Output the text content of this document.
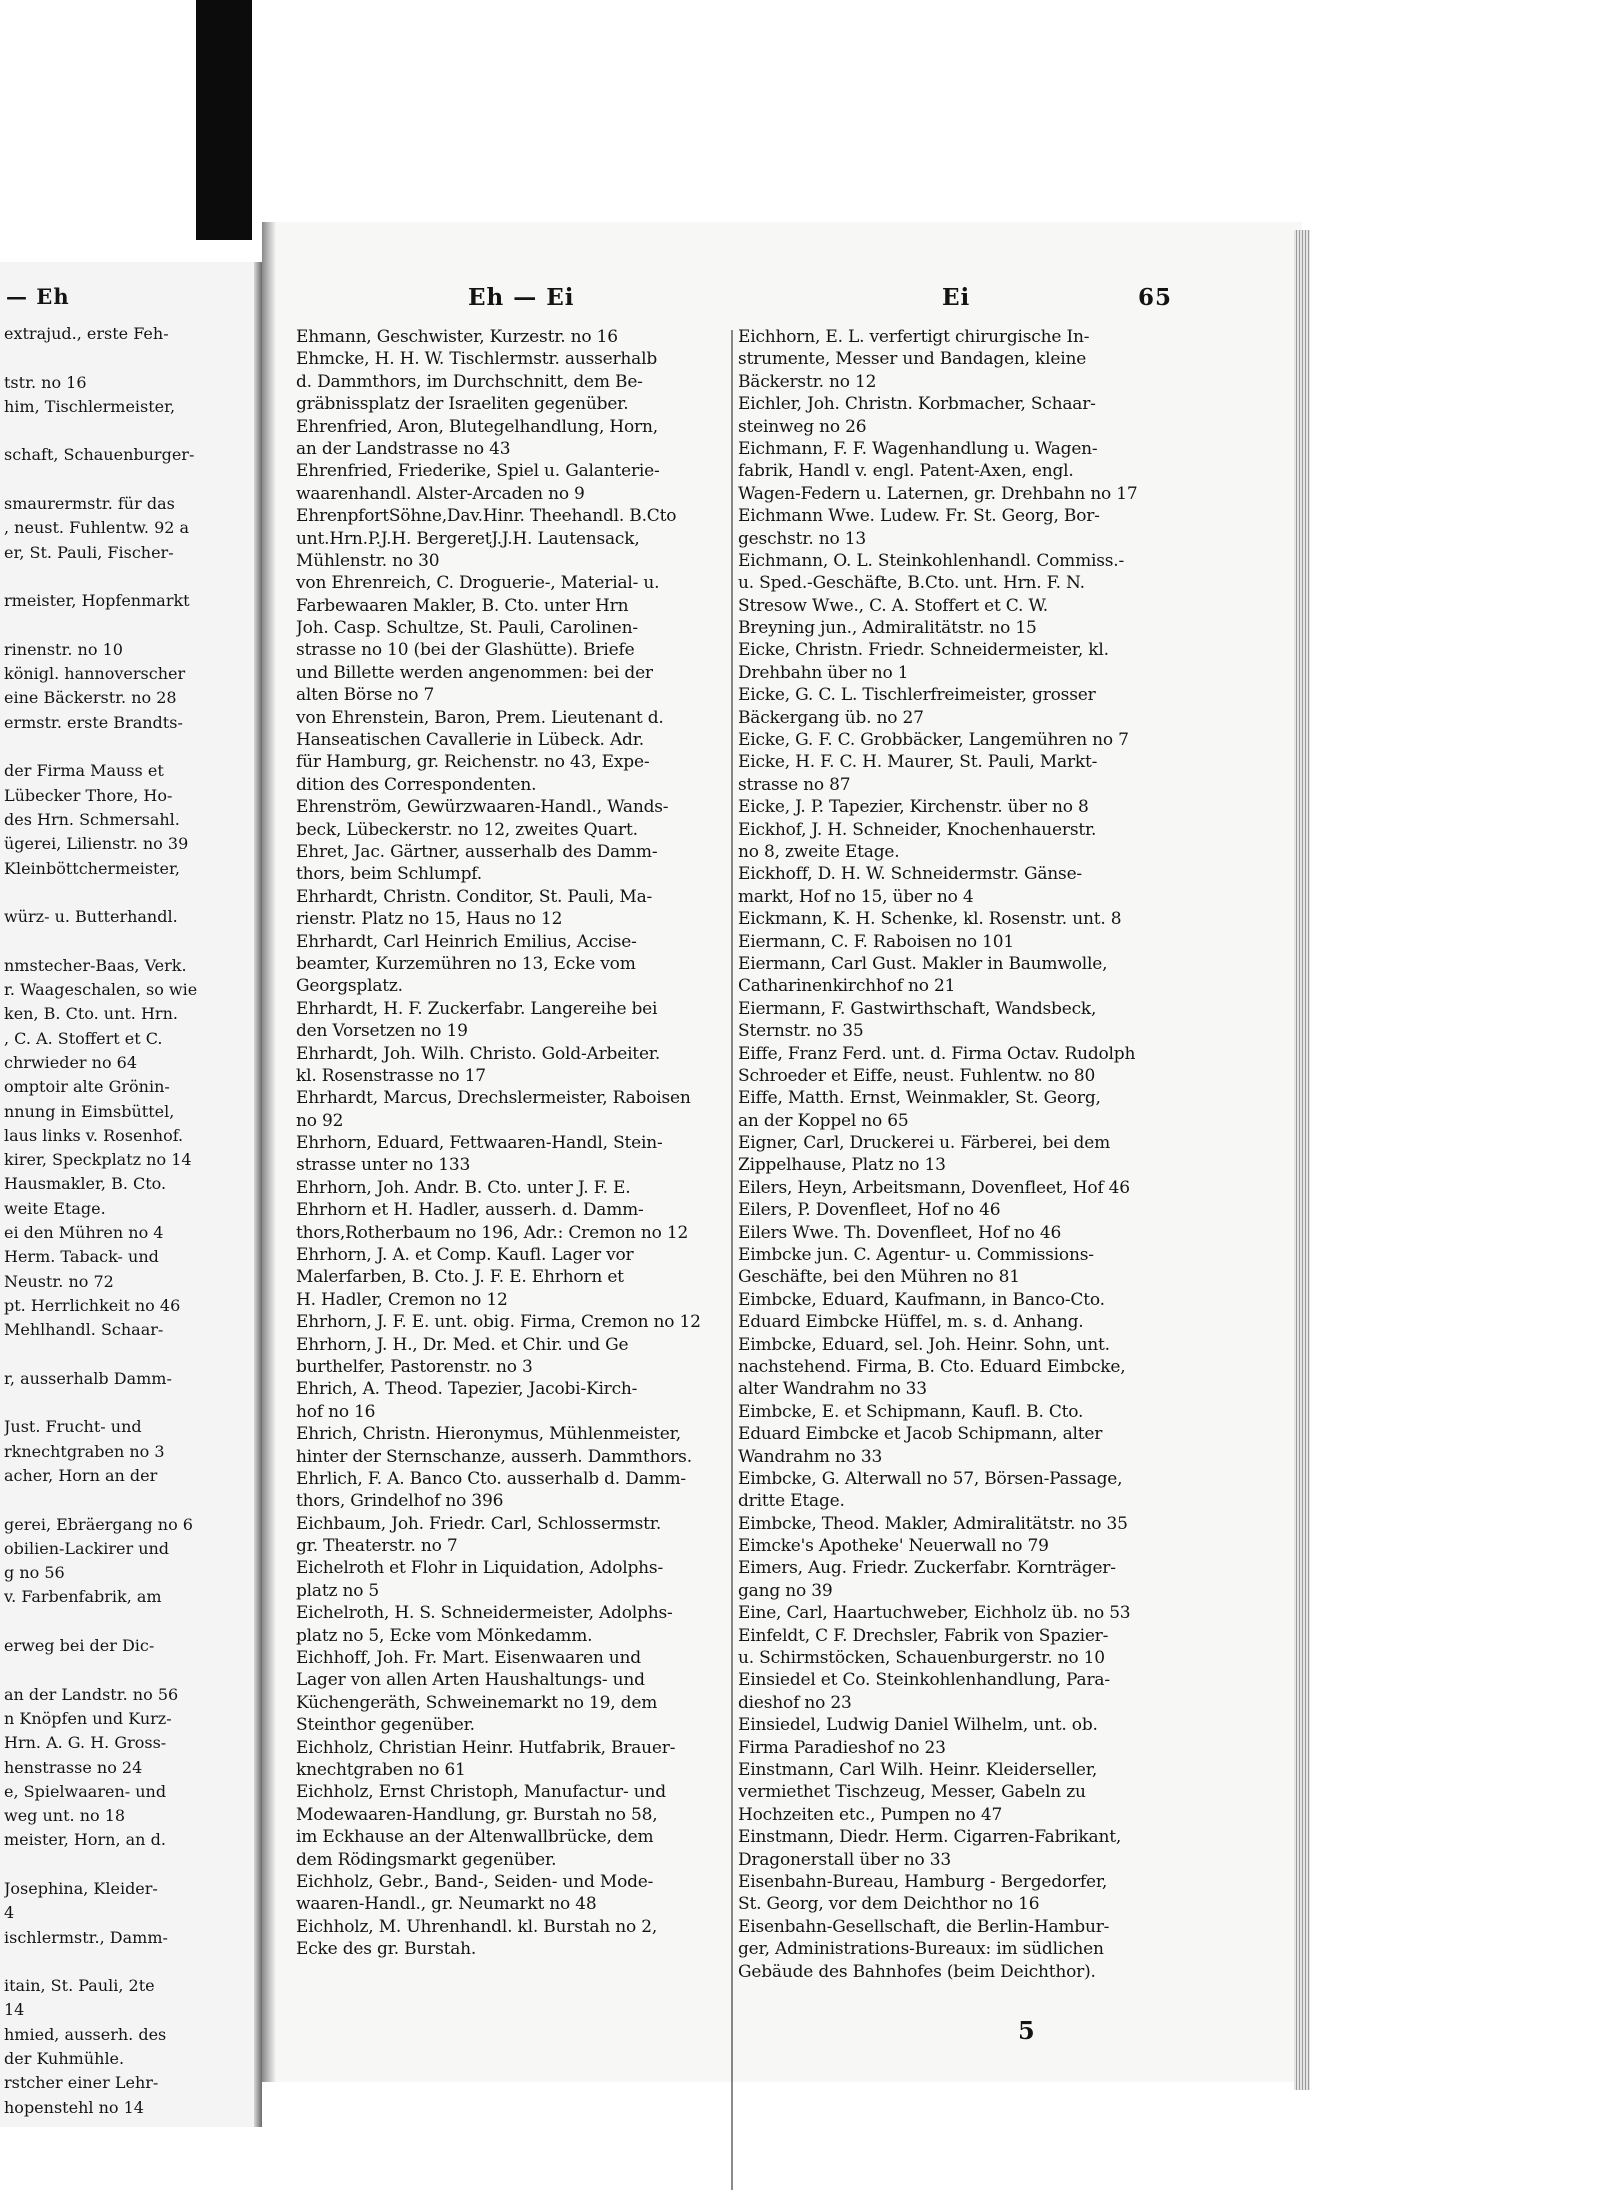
— Eh
extrajud., erste Feh-
tstr. no 16
him, Tischlermeister,
schaft, Schauenburger-
smaurermstr. für das
, neust. Fuhlentw. 92 a
er, St. Pauli, Fischer-
rmeister, Hopfenmarkt
rinenstr. no 10
königl. hannoverscher
eine Bäckerstr. no 28
ermstr. erste Brandts-
der Firma Mauss et
Lübecker Thore, Ho-
des Hrn. Schmersahl.
ügerei, Lilienstr. no 39
Kleinböttchermeister,
würz- u. Butterhandl.
nmstecher-Baas, Verk.
r. Waageschalen, so wie
ken, B. Cto. unt. Hrn.
, C. A. Stoffert et C.
chrwieder no 64
omptoir alte Grönin-
nnung in Eimsbüttel,
laus links v. Rosenhof.
kirer, Speckplatz no 14
Hausmakler, B. Cto.
weite Etage.
ei den Mühren no 4
Herm. Taback- und
Neustr. no 72
pt. Herrlichkeit no 46
Mehlhandl. Schaar-
r, ausserhalb Damm-
Just. Frucht- und
rknechtgraben no 3
acher, Horn an der
gerei, Ebräergang no 6
obilien-Lackirer und
g no 56
v. Farbenfabrik, am
erweg bei der Dic-
an der Landstr. no 56
n Knöpfen und Kurz-
Hrn. A. G. H. Gross-
henstrasse no 24
e, Spielwaaren- und
weg unt. no 18
meister, Horn, an d.
Josephina, Kleider-
4
ischlermstr., Damm-
itain, St. Pauli, 2te
14
hmied, ausserh. des
der Kuhmühle.
rstcher einer Lehr-
hopenstehl no 14
Eh — Ei	Ei	65
Ehmann, Geschwister, Kurzestr. no 16
Ehmcke, H. H. W. Tischlermstr. ausserhalb
d. Dammthors, im Durchschnitt, dem Be-
gräbnissplatz der Israeliten gegenüber.
Ehrenfried, Aron, Blutegelhandlung, Horn,
an der Landstrasse no 43
Ehrenfried, Friederike, Spiel u. Galanterie-
waarenhandl. Alster-Arcaden no 9
EhrenpfortSöhne,Dav.Hinr. Theehandl. B.Cto
unt.Hrn.P.J.H. BergeretJ.J.H. Lautensack,
Mühlenstr. no 30
von Ehrenreich, C. Droguerie-, Material- u.
Farbewaaren Makler, B. Cto. unter Hrn
Joh. Casp. Schultze, St. Pauli, Carolinen-
strasse no 10 (bei der Glashütte). Briefe
und Billette werden angenommen: bei der
alten Börse no 7
von Ehrenstein, Baron, Prem. Lieutenant d.
Hanseatischen Cavallerie in Lübeck. Adr.
für Hamburg, gr. Reichenstr. no 43, Expe-
dition des Correspondenten.
Ehrenström, Gewürzwaaren-Handl., Wands-
beck, Lübeckerstr. no 12, zweites Quart.
Ehret, Jac. Gärtner, ausserhalb des Damm-
thors, beim Schlumpf.
Ehrhardt, Christn. Conditor, St. Pauli, Ma-
rienstr. Platz no 15, Haus no 12
Ehrhardt, Carl Heinrich Emilius, Accise-
beamter, Kurzemühren no 13, Ecke vom
Georgsplatz.
Ehrhardt, H. F. Zuckerfabr. Langereihe bei
den Vorsetzen no 19
Ehrhardt, Joh. Wilh. Christo. Gold-Arbeiter.
kl. Rosenstrasse no 17
Ehrhardt, Marcus, Drechslermeister, Raboisen
no 92
Ehrhorn, Eduard, Fettwaaren-Handl, Stein-
strasse unter no 133
Ehrhorn, Joh. Andr. B. Cto. unter J. F. E.
Ehrhorn et H. Hadler, ausserh. d. Damm-
thors,Rotherbaum no 196, Adr.: Cremon no 12
Ehrhorn, J. A. et Comp. Kaufl. Lager vor
Malerfarben, B. Cto. J. F. E. Ehrhorn et
H. Hadler, Cremon no 12
Ehrhorn, J. F. E. unt. obig. Firma, Cremon no 12
Ehrhorn, J. H., Dr. Med. et Chir. und Ge
burthelfer, Pastorenstr. no 3
Ehrich, A. Theod. Tapezier, Jacobi-Kirch-
hof no 16
Ehrich, Christn. Hieronymus, Mühlenmeister,
hinter der Sternschanze, ausserh. Dammthors.
Ehrlich, F. A. Banco Cto. ausserhalb d. Damm-
thors, Grindelhof no 396
Eichbaum, Joh. Friedr. Carl, Schlossermstr.
gr. Theaterstr. no 7
Eichelroth et Flohr in Liquidation, Adolphs-
platz no 5
Eichelroth, H. S. Schneidermeister, Adolphs-
platz no 5, Ecke vom Mönkedamm.
Eichhoff, Joh. Fr. Mart. Eisenwaaren und
Lager von allen Arten Haushaltungs- und
Küchengeräth, Schweinemarkt no 19, dem
Steinthor gegenüber.
Eichholz, Christian Heinr. Hutfabrik, Brauer-
knechtgraben no 61
Eichholz, Ernst Christoph, Manufactur- und
Modewaaren-Handlung, gr. Burstah no 58,
im Eckhause an der Altenwallbrücke, dem
dem Rödingsmarkt gegenüber.
Eichholz, Gebr., Band-, Seiden- und Mode-
waaren-Handl., gr. Neumarkt no 48
Eichholz, M. Uhrenhandl. kl. Burstah no 2,
Ecke des gr. Burstah.
Eichhorn, E. L. verfertigt chirurgische In-
strumente, Messer und Bandagen, kleine
Bäckerstr. no 12
Eichler, Joh. Christn. Korbmacher, Schaar-
steinweg no 26
Eichmann, F. F. Wagenhandlung u. Wagen-
fabrik, Handl v. engl. Patent-Axen, engl.
Wagen-Federn u. Laternen, gr. Drehbahn no 17
Eichmann Wwe. Ludew. Fr. St. Georg, Bor-
geschstr. no 13
Eichmann, O. L. Steinkohlenhandl. Commiss.-
u. Sped.-Geschäfte, B.Cto. unt. Hrn. F. N.
Stresow Wwe., C. A. Stoffert et C. W.
Breyning jun., Admiralitätstr. no 15
Eicke, Christn. Friedr. Schneidermeister, kl.
Drehbahn über no 1
Eicke, G. C. L. Tischlerfreimeister, grosser
Bäckergang üb. no 27
Eicke, G. F. C. Grobbäcker, Langemühren no 7
Eicke, H. F. C. H. Maurer, St. Pauli, Markt-
strasse no 87
Eicke, J. P. Tapezier, Kirchenstr. über no 8
Eickhof, J. H. Schneider, Knochenhauerstr.
no 8, zweite Etage.
Eickhoff, D. H. W. Schneidermstr. Gänse-
markt, Hof no 15, über no 4
Eickmann, K. H. Schenke, kl. Rosenstr. unt. 8
Eiermann, C. F. Raboisen no 101
Eiermann, Carl Gust. Makler in Baumwolle,
Catharinenkirchhof no 21
Eiermann, F. Gastwirthschaft, Wandsbeck,
Sternstr. no 35
Eiffe, Franz Ferd. unt. d. Firma Octav. Rudolph
Schroeder et Eiffe, neust. Fuhlentw. no 80
Eiffe, Matth. Ernst, Weinmakler, St. Georg,
an der Koppel no 65
Eigner, Carl, Druckerei u. Färberei, bei dem
Zippelhause, Platz no 13
Eilers, Heyn, Arbeitsmann, Dovenfleet, Hof 46
Eilers, P. Dovenfleet, Hof no 46
Eilers Wwe. Th. Dovenfleet, Hof no 46
Eimbcke jun. C. Agentur- u. Commissions-
Geschäfte, bei den Mühren no 81
Eimbcke, Eduard, Kaufmann, in Banco-Cto.
Eduard Eimbcke Hüffel, m. s. d. Anhang.
Eimbcke, Eduard, sel. Joh. Heinr. Sohn, unt.
nachstehend. Firma, B. Cto. Eduard Eimbcke,
alter Wandrahm no 33
Eimbcke, E. et Schipmann, Kaufl. B. Cto.
Eduard Eimbcke et Jacob Schipmann, alter
Wandrahm no 33
Eimbcke, G. Alterwall no 57, Börsen-Passage,
dritte Etage.
Eimbcke, Theod. Makler, Admiralitätstr. no 35
Eimcke's Apotheke' Neuerwall no 79
Eimers, Aug. Friedr. Zuckerfabr. Kornträger-
gang no 39
Eine, Carl, Haartuchweber, Eichholz üb. no 53
Einfeldt, C F. Drechsler, Fabrik von Spazier-
u. Schirmstöcken, Schauenburgerstr. no 10
Einsiedel et Co. Steinkohlenhandlung, Para-
dieshof no 23
Einsiedel, Ludwig Daniel Wilhelm, unt. ob.
Firma Paradieshof no 23
Einstmann, Carl Wilh. Heinr. Kleiderseller,
vermiethet Tischzeug, Messer, Gabeln zu
Hochzeiten etc., Pumpen no 47
Einstmann, Diedr. Herm. Cigarren-Fabrikant,
Dragonerstall über no 33
Eisenbahn-Bureau, Hamburg - Bergedorfer,
St. Georg, vor dem Deichthor no 16
Eisenbahn-Gesellschaft, die Berlin-Hambur-
ger, Administrations-Bureaux: im südlichen
Gebäude des Bahnhofes (beim Deichthor).
5
